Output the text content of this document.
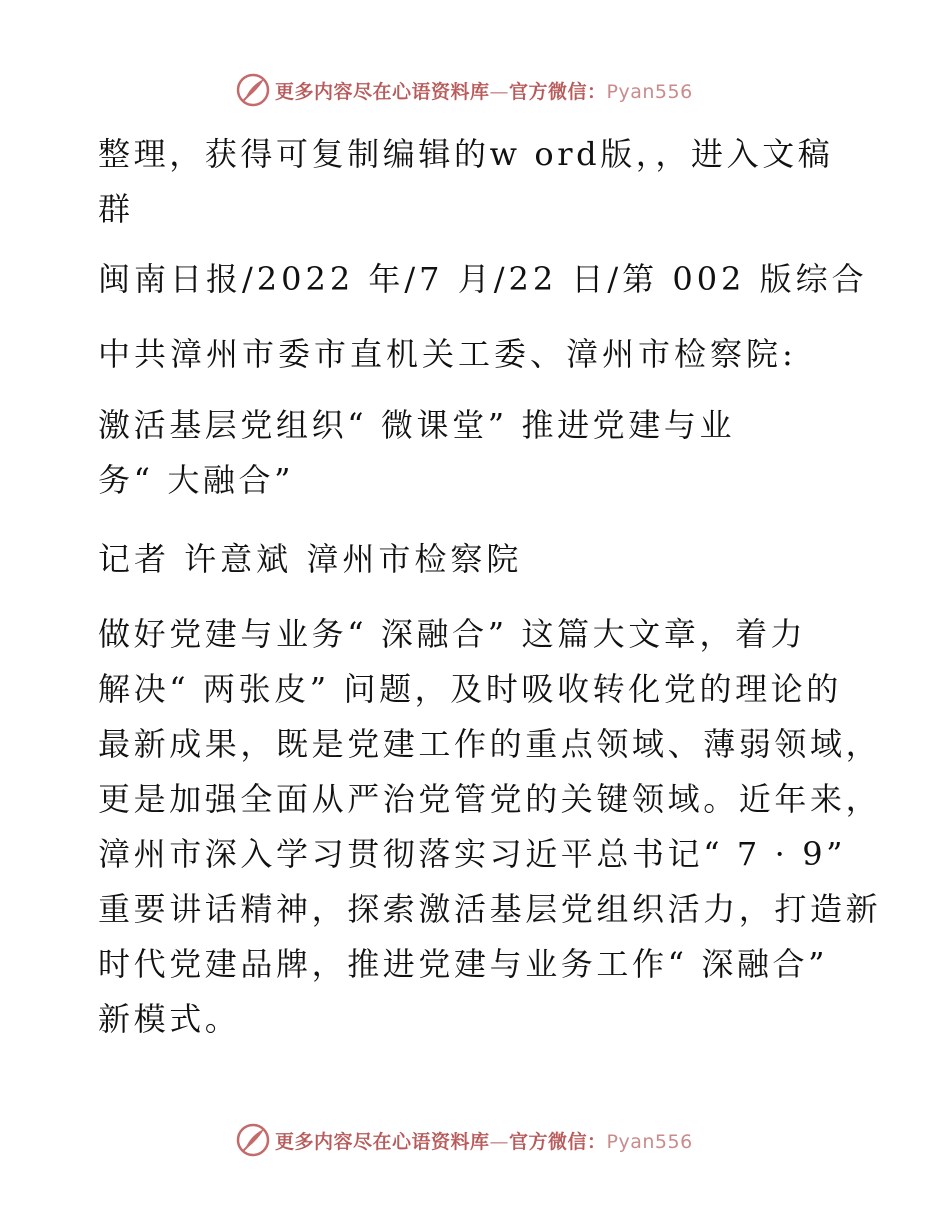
更多内容尽在心语资料库—官方微信：Pyan556
整理，获得可复制编辑的w ord版，，进入文稿
群

闽南日报/2022 年/7 月/22 日/第 002 版综合

中共漳州市委市直机关工委、漳州市检察院:

激活基层党组织“ 微课堂” 推进党建与业
务“ 大融合”

记者 许意斌 漳州市检察院

做好党建与业务“ 深融合” 这篇大文章，着力
解决“ 两张皮” 问题，及时吸收转化党的理论的
最新成果，既是党建工作的重点领域、薄弱领域，
更是加强全面从严治党管党的关键领域。近年来，
漳州市深入学习贯彻落实习近平总书记“ 7 · 9”
重要讲话精神，探索激活基层党组织活力，打造新
时代党建品牌，推进党建与业务工作“ 深融合”
新模式。
更多内容尽在心语资料库—官方微信：Pyan556
